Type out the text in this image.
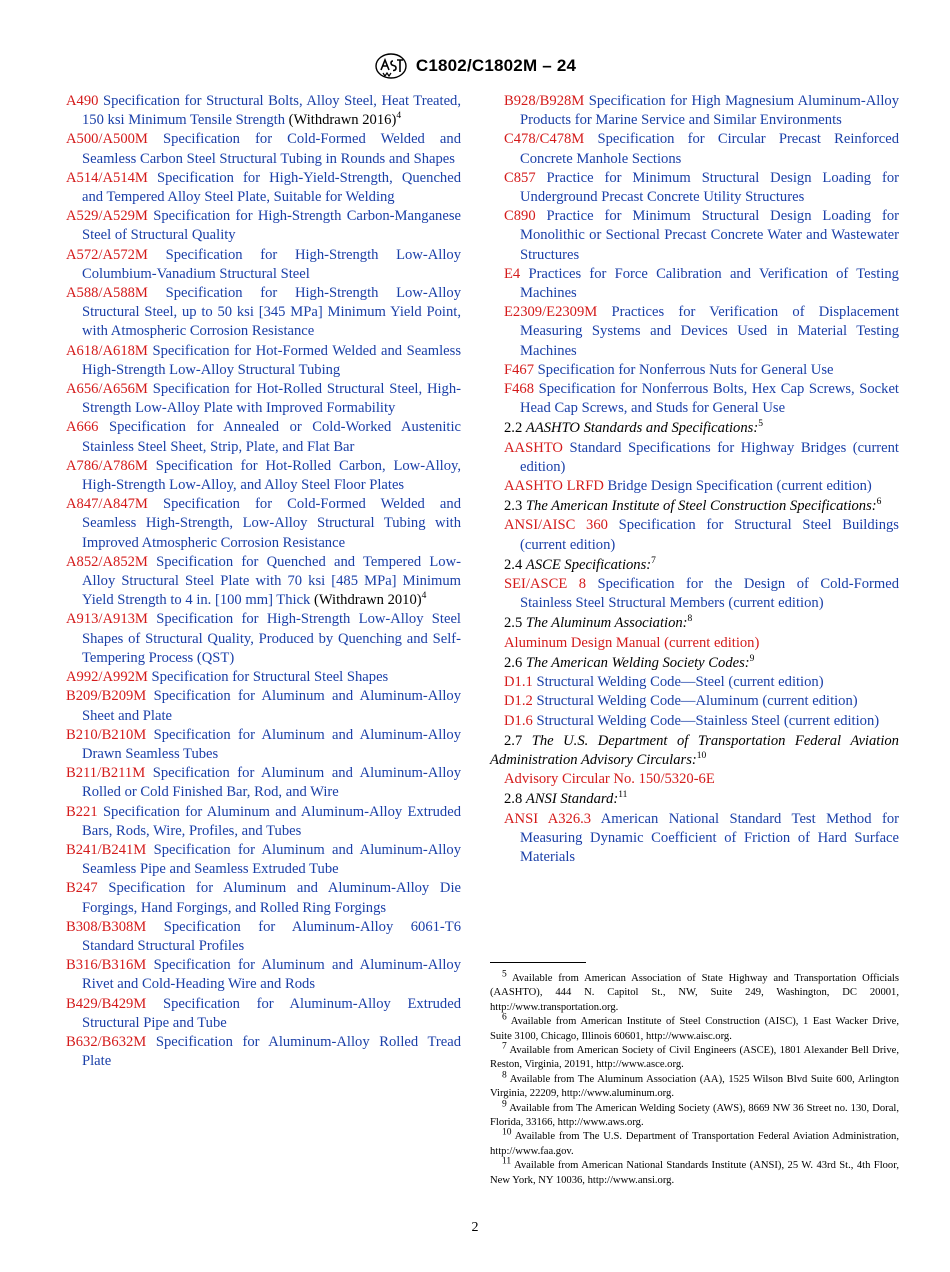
C1802/C1802M – 24

A490 Specification for Structural Bolts, Alloy Steel, Heat Treated, 150 ksi Minimum Tensile Strength (Withdrawn 2016)$^4$

A500/A500M Specification for Cold-Formed Welded and Seamless Carbon Steel Structural Tubing in Rounds and Shapes

A514/A514M Specification for High-Yield-Strength, Quenched and Tempered Alloy Steel Plate, Suitable for Welding

A529/A529M Specification for High-Strength Carbon-Manganese Steel of Structural Quality

A572/A572M Specification for High-Strength Low-Alloy Columbium-Vanadium Structural Steel

A588/A588M Specification for High-Strength Low-Alloy Structural Steel, up to 50 ksi [345 MPa] Minimum Yield Point, with Atmospheric Corrosion Resistance

A618/A618M Specification for Hot-Formed Welded and Seamless High-Strength Low-Alloy Structural Tubing

A656/A656M Specification for Hot-Rolled Structural Steel, High-Strength Low-Alloy Plate with Improved Formability

A666 Specification for Annealed or Cold-Worked Austenitic Stainless Steel Sheet, Strip, Plate, and Flat Bar

A786/A786M Specification for Hot-Rolled Carbon, Low-Alloy, High-Strength Low-Alloy, and Alloy Steel Floor Plates

A847/A847M Specification for Cold-Formed Welded and Seamless High-Strength, Low-Alloy Structural Tubing with Improved Atmospheric Corrosion Resistance

A852/A852M Specification for Quenched and Tempered Low-Alloy Structural Steel Plate with 70 ksi [485 MPa] Minimum Yield Strength to 4 in. [100 mm] Thick (Withdrawn 2010)$^4$

A913/A913M Specification for High-Strength Low-Alloy Steel Shapes of Structural Quality, Produced by Quenching and Self-Tempering Process (QST)

A992/A992M Specification for Structural Steel Shapes

B209/B209M Specification for Aluminum and Aluminum-Alloy Sheet and Plate

B210/B210M Specification for Aluminum and Aluminum-Alloy Drawn Seamless Tubes

B211/B211M Specification for Aluminum and Aluminum-Alloy Rolled or Cold Finished Bar, Rod, and Wire

B221 Specification for Aluminum and Aluminum-Alloy Extruded Bars, Rods, Wire, Profiles, and Tubes

B241/B241M Specification for Aluminum and Aluminum-Alloy Seamless Pipe and Seamless Extruded Tube

B247 Specification for Aluminum and Aluminum-Alloy Die Forgings, Hand Forgings, and Rolled Ring Forgings

B308/B308M Specification for Aluminum-Alloy 6061-T6 Standard Structural Profiles

B316/B316M Specification for Aluminum and Aluminum-Alloy Rivet and Cold-Heading Wire and Rods

B429/B429M Specification for Aluminum-Alloy Extruded Structural Pipe and Tube

B632/B632M Specification for Aluminum-Alloy Rolled Tread Plate

B928/B928M Specification for High Magnesium Aluminum-Alloy Products for Marine Service and Similar Environments

C478/C478M Specification for Circular Precast Reinforced Concrete Manhole Sections

C857 Practice for Minimum Structural Design Loading for Underground Precast Concrete Utility Structures

C890 Practice for Minimum Structural Design Loading for Monolithic or Sectional Precast Concrete Water and Wastewater Structures

E4 Practices for Force Calibration and Verification of Testing Machines

E2309/E2309M Practices for Verification of Displacement Measuring Systems and Devices Used in Material Testing Machines

F467 Specification for Nonferrous Nuts for General Use

F468 Specification for Nonferrous Bolts, Hex Cap Screws, Socket Head Cap Screws, and Studs for General Use

2.2 AASHTO Standards and Specifications:$^5$

AASHTO Standard Specifications for Highway Bridges (current edition)

AASHTO LRFD Bridge Design Specification (current edition)

2.3 The American Institute of Steel Construction Specifications:$^6$

ANSI/AISC 360 Specification for Structural Steel Buildings (current edition)

2.4 ASCE Specifications:$^7$

SEI/ASCE 8 Specification for the Design of Cold-Formed Stainless Steel Structural Members (current edition)

2.5 The Aluminum Association:$^8$

Aluminum Design Manual (current edition)

2.6 The American Welding Society Codes:$^9$

D1.1 Structural Welding Code—Steel (current edition)

D1.2 Structural Welding Code—Aluminum (current edition)

D1.6 Structural Welding Code—Stainless Steel (current edition)

2.7 The U.S. Department of Transportation Federal Aviation Administration Advisory Circulars:$^{10}$

Advisory Circular No. 150/5320-6E

2.8 ANSI Standard:$^{11}$

ANSI A326.3 American National Standard Test Method for Measuring Dynamic Coefficient of Friction of Hard Surface Materials

$^5$ Available from American Association of State Highway and Transportation Officials (AASHTO), 444 N. Capitol St., NW, Suite 249, Washington, DC 20001, http://www.transportation.org.

$^6$ Available from American Institute of Steel Construction (AISC), 1 East Wacker Drive, Suite 3100, Chicago, Illinois 60601, http://www.aisc.org.

$^7$ Available from American Society of Civil Engineers (ASCE), 1801 Alexander Bell Drive, Reston, Virginia, 20191, http://www.asce.org.

$^8$ Available from The Aluminum Association (AA), 1525 Wilson Blvd Suite 600, Arlington Virginia, 22209, http://www.aluminum.org.

$^9$ Available from The American Welding Society (AWS), 8669 NW 36 Street no. 130, Doral, Florida, 33166, http://www.aws.org.

$^{10}$ Available from The U.S. Department of Transportation Federal Aviation Administration, http://www.faa.gov.

$^{11}$ Available from American National Standards Institute (ANSI), 25 W. 43rd St., 4th Floor, New York, NY 10036, http://www.ansi.org.

2
